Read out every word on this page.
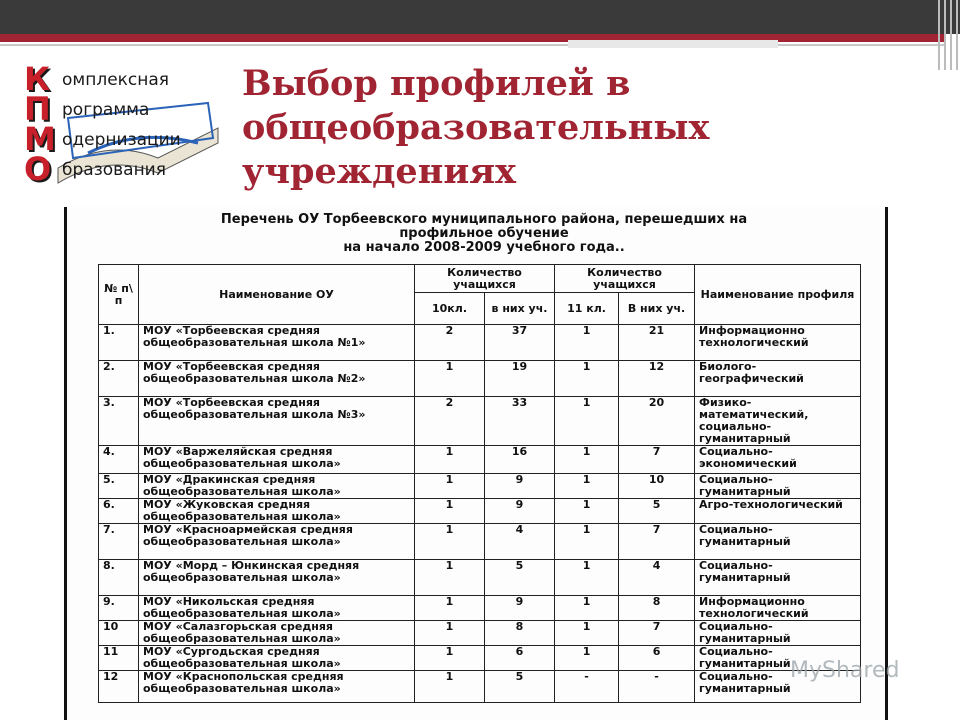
К омплексная
П рограмма
М одернизации
О бразования
Выбор профилей в общеобразовательных учреждениях
Перечень ОУ Торбеевского муниципального района, перешедших на
профильное обучение
на начало 2008-2009 учебного года..
№ п\ п	Наименование ОУ	Количество учащихся		Количество учащихся		Наименование профиля
		10кл.	в них уч.	11 кл.	В них уч.	
1.	МОУ «Торбеевская средняя общеобразовательная школа №1»	2	37	1	21	Информационно технологический
2.	МОУ «Торбеевская средняя общеобразовательная школа №2»	1	19	1	12	Биолого-географический
3.	МОУ «Торбеевская средняя общеобразовательная школа №3»	2	33	1	20	Физико-математический, социально-гуманитарный
4.	МОУ «Варжеляйская средняя общеобразовательная школа»	1	16	1	7	Социально-экономический
5.	МОУ «Дракинская средняя общеобразовательная школа»	1	9	1	10	Социально-гуманитарный
6.	МОУ «Жуковская средняя общеобразовательная школа»	1	9	1	5	Агро-технологический
7.	МОУ «Красноармейская средняя общеобразовательная школа»	1	4	1	7	Социально-гуманитарный
8.	МОУ «Морд – Юнкинская средняя общеобразовательная школа»	1	5	1	4	Социально-гуманитарный
9.	МОУ «Никольская средняя общеобразовательная школа»	1	9	1	8	Информационно технологический
10	МОУ «Салазгорьская средняя общеобразовательная школа»	1	8	1	7	Социально-гуманитарный
11	МОУ «Сургодьская средняя общеобразовательная школа»	1	6	1	6	Социально-гуманитарный
12	МОУ «Краснопольская средняя общеобразовательная школа»	1	5	-	-	Социально-гуманитарный
MyShared
